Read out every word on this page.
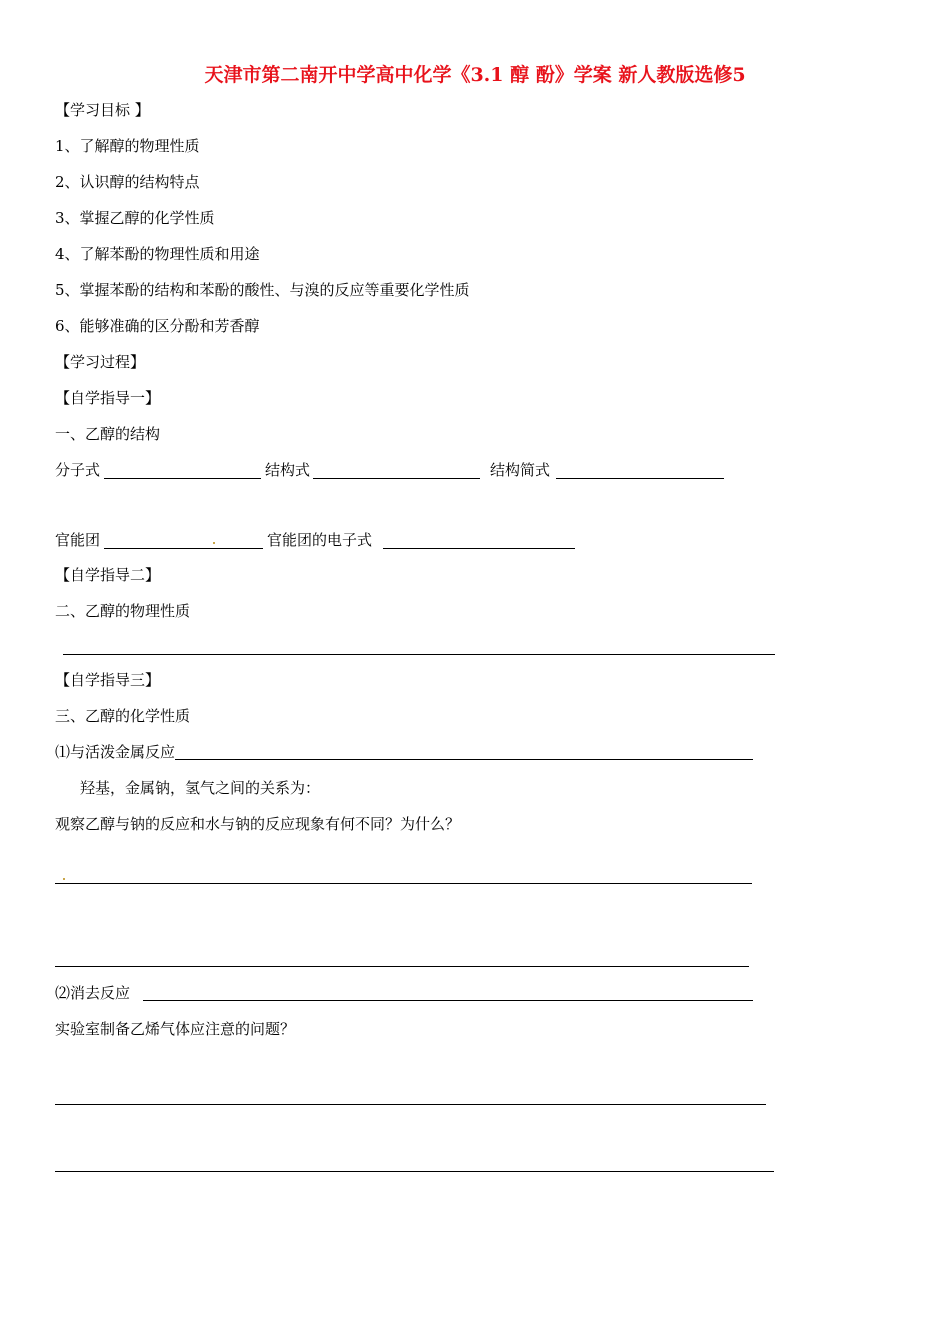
天津市第二南开中学高中化学《3.1 醇 酚》学案 新人教版选修5
【学习目标 】
1、了解醇的物理性质
2、认识醇的结构特点
3、掌握乙醇的化学性质
4、了解苯酚的物理性质和用途
5、掌握苯酚的结构和苯酚的酸性、与溴的反应等重要化学性质
6、能够准确的区分酚和芳香醇
【学习过程】
【自学指导一】
一、乙醇的结构
分子式	结构式	结构简式
官能团	官能团的电子式
【自学指导二】
二、乙醇的物理性质
【自学指导三】
三、乙醇的化学性质
⑴与活泼金属反应
羟基，金属钠，氢气之间的关系为：
观察乙醇与钠的反应和水与钠的反应现象有何不同？为什么？
⑵消去反应
实验室制备乙烯气体应注意的问题？
